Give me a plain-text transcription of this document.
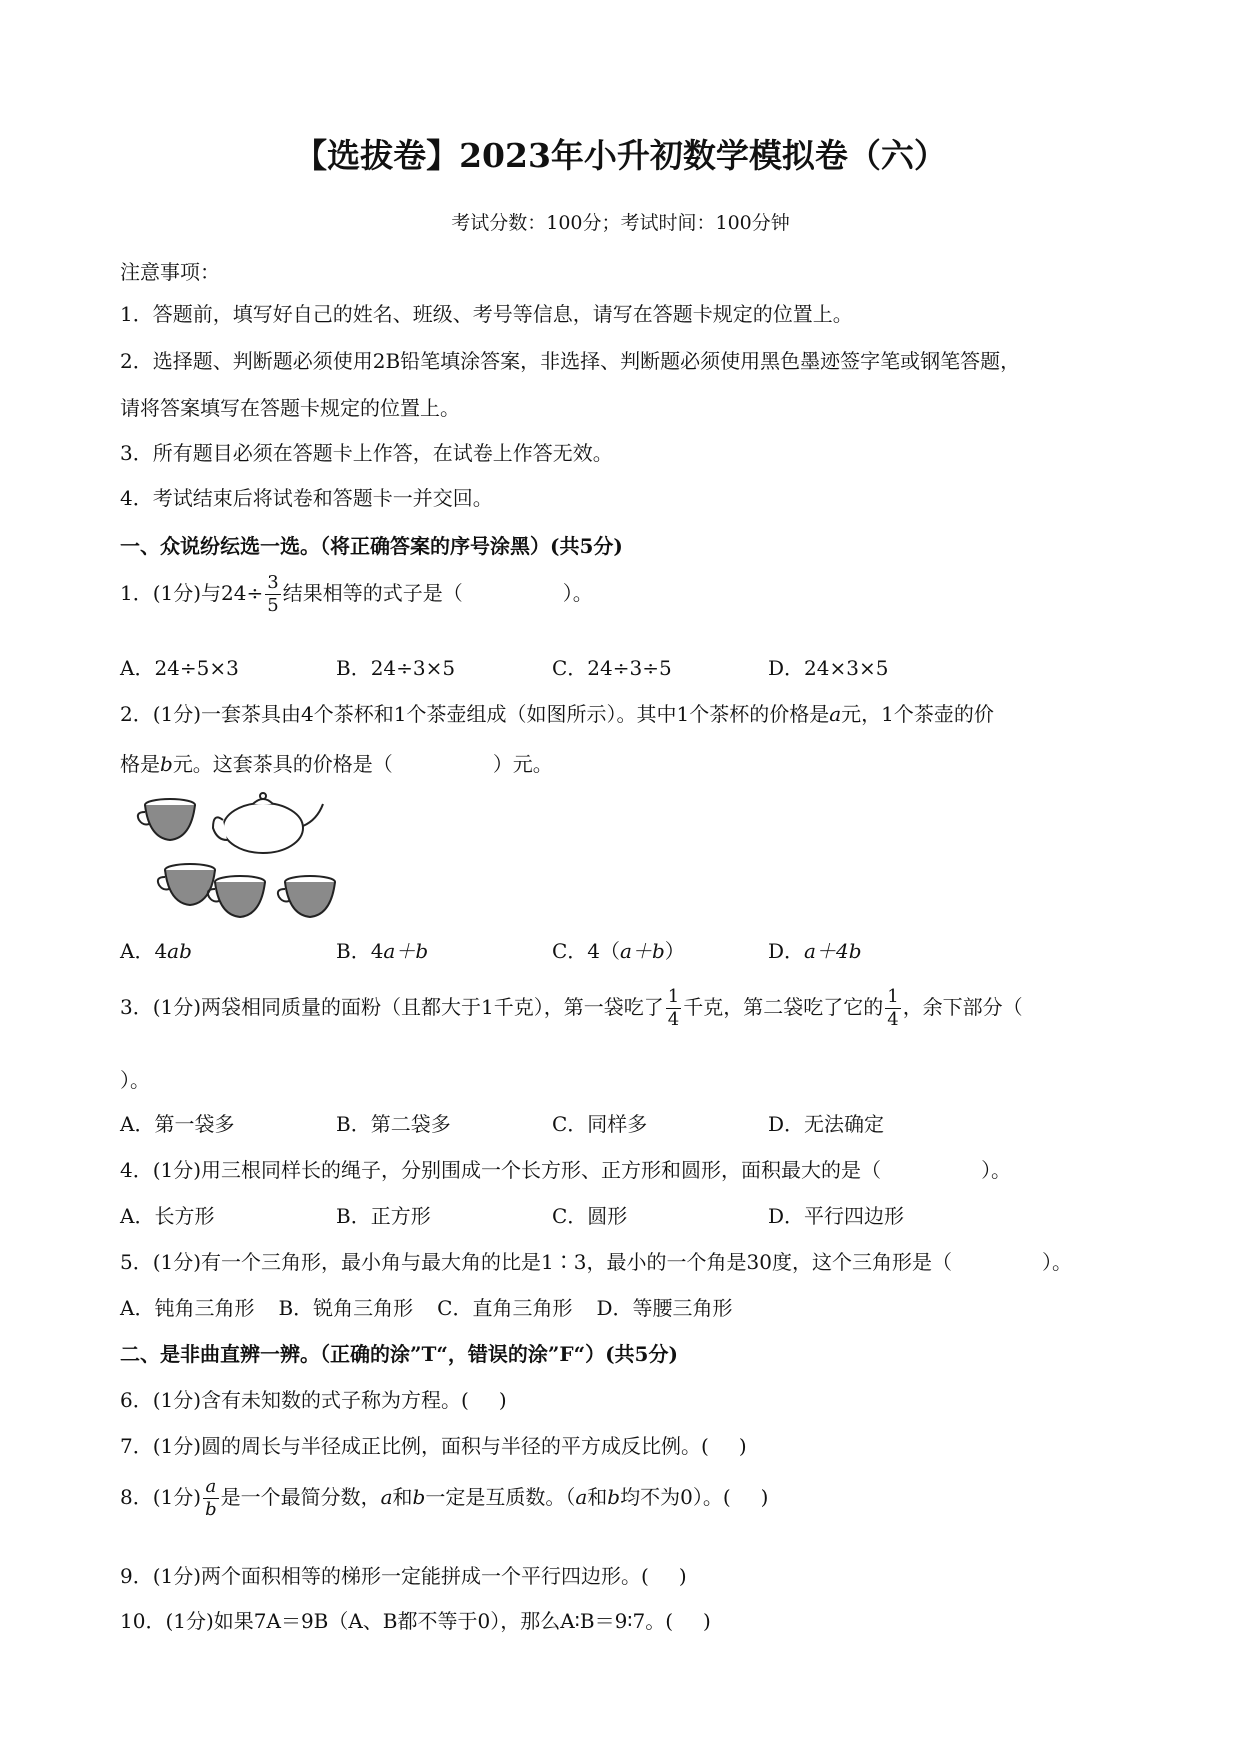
【选拔卷】2023年小升初数学模拟卷（六）
考试分数：100分；考试时间：100分钟
注意事项：
1．答题前，填写好自己的姓名、班级、考号等信息，请写在答题卡规定的位置上。
2．选择题、判断题必须使用2B铅笔填涂答案，非选择、判断题必须使用黑色墨迹签字笔或钢笔答题，
请将答案填写在答题卡规定的位置上。
3．所有题目必须在答题卡上作答，在试卷上作答无效。
4．考试结束后将试卷和答题卡一并交回。
一、众说纷纭选一选。（将正确答案的序号涂黑）(共5分)
1．(1分)与$24\div \frac{3}{5}$ 结果相等的式子是（	）。
A．24÷5×3	B．24÷3×5	C．24÷3÷5	D．24×3×5
2．(1分)一套茶具由4个茶杯和1个茶壶组成（如图所示）。其中1个茶杯的价格是a元，1个茶壶的价
格是b元。这套茶具的价格是（	）元。
A．4ab	B．4a＋b	C．4（a＋b）	D．a＋4b
3．(1分)两袋相同质量的面粉（且都大于1千克），第一袋吃了 $\frac{1}{4}$ 千克，第二袋吃了它的 $\frac{1}{4}$ ，余下部分（
）。
A．第一袋多	B．第二袋多	C．同样多	D．无法确定
4．(1分)用三根同样长的绳子，分别围成一个长方形、正方形和圆形，面积最大的是（	）。
A．长方形	B．正方形	C．圆形	D．平行四边形
5．(1分)有一个三角形，最小角与最大角的比是1∶3，最小的一个角是30度，这个三角形是（	）。
A．钝角三角形 B．锐角三角形 C．直角三角形 D．等腰三角形
二、是非曲直辨一辨。（正确的涂”T“，错误的涂”F“）(共5分)
6．(1分)含有未知数的式子称为方程。( )
7．(1分)圆的周长与半径成正比例，面积与半径的平方成反比例。( )
8．(1分) $\frac{a}{b}$ 是一个最简分数，a和b一定是互质数。（a和b均不为0）。( )
9．(1分)两个面积相等的梯形一定能拼成一个平行四边形。( )
10．(1分)如果7A＝9B（A、B都不等于0），那么A∶B＝9∶7。( )
